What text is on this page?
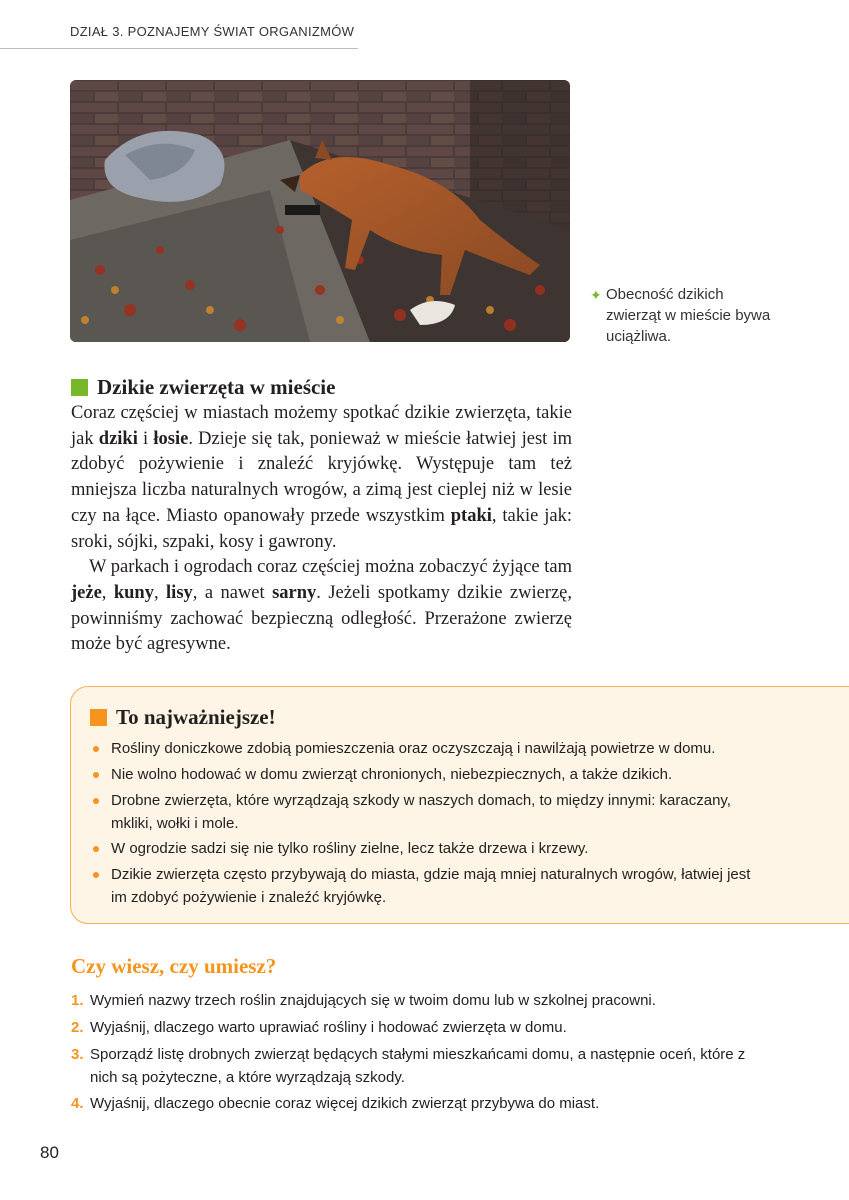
DZIAŁ 3. POZNAJEMY ŚWIAT ORGANIZMÓW
✦ Obecność dzikich zwierząt w mieście bywa uciążliwa.
Dzikie zwierzęta w mieście

Coraz częściej w miastach możemy spotkać dzikie zwierzęta, takie jak dziki i łosie. Dzieje się tak, ponieważ w mieście łatwiej jest im zdobyć pożywienie i znaleźć kryjówkę. Występuje tam też mniejsza liczba naturalnych wrogów, a zimą jest cieplej niż w lesie czy na łące. Miasto opanowały przede wszystkim ptaki, takie jak: sroki, sójki, szpaki, kosy i gawrony.

W parkach i ogrodach coraz częściej można zobaczyć żyjące tam jeże, kuny, lisy, a nawet sarny. Jeżeli spotkamy dzikie zwierzę, powinniśmy zachować bezpieczną odległość. Przerażone zwierzę może być agresywne.

To najważniejsze!
Rośliny doniczkowe zdobią pomieszczenia oraz oczyszczają i nawilżają powietrze w domu.
Nie wolno hodować w domu zwierząt chronionych, niebezpiecznych, a także dzikich.
Drobne zwierzęta, które wyrządzają szkody w naszych domach, to między innymi: karaczany, mkliki, wołki i mole.
W ogrodzie sadzi się nie tylko rośliny zielne, lecz także drzewa i krzewy.
Dzikie zwierzęta często przybywają do miasta, gdzie mają mniej naturalnych wrogów, łatwiej jest im zdobyć pożywienie i znaleźć kryjówkę.
Czy wiesz, czy umiesz?
1. Wymień nazwy trzech roślin znajdujących się w twoim domu lub w szkolnej pracowni.
2. Wyjaśnij, dlaczego warto uprawiać rośliny i hodować zwierzęta w domu.
3. Sporządź listę drobnych zwierząt będących stałymi mieszkańcami domu, a następnie oceń, które z nich są pożyteczne, a które wyrządzają szkody.
4. Wyjaśnij, dlaczego obecnie coraz więcej dzikich zwierząt przybywa do miast.
80
